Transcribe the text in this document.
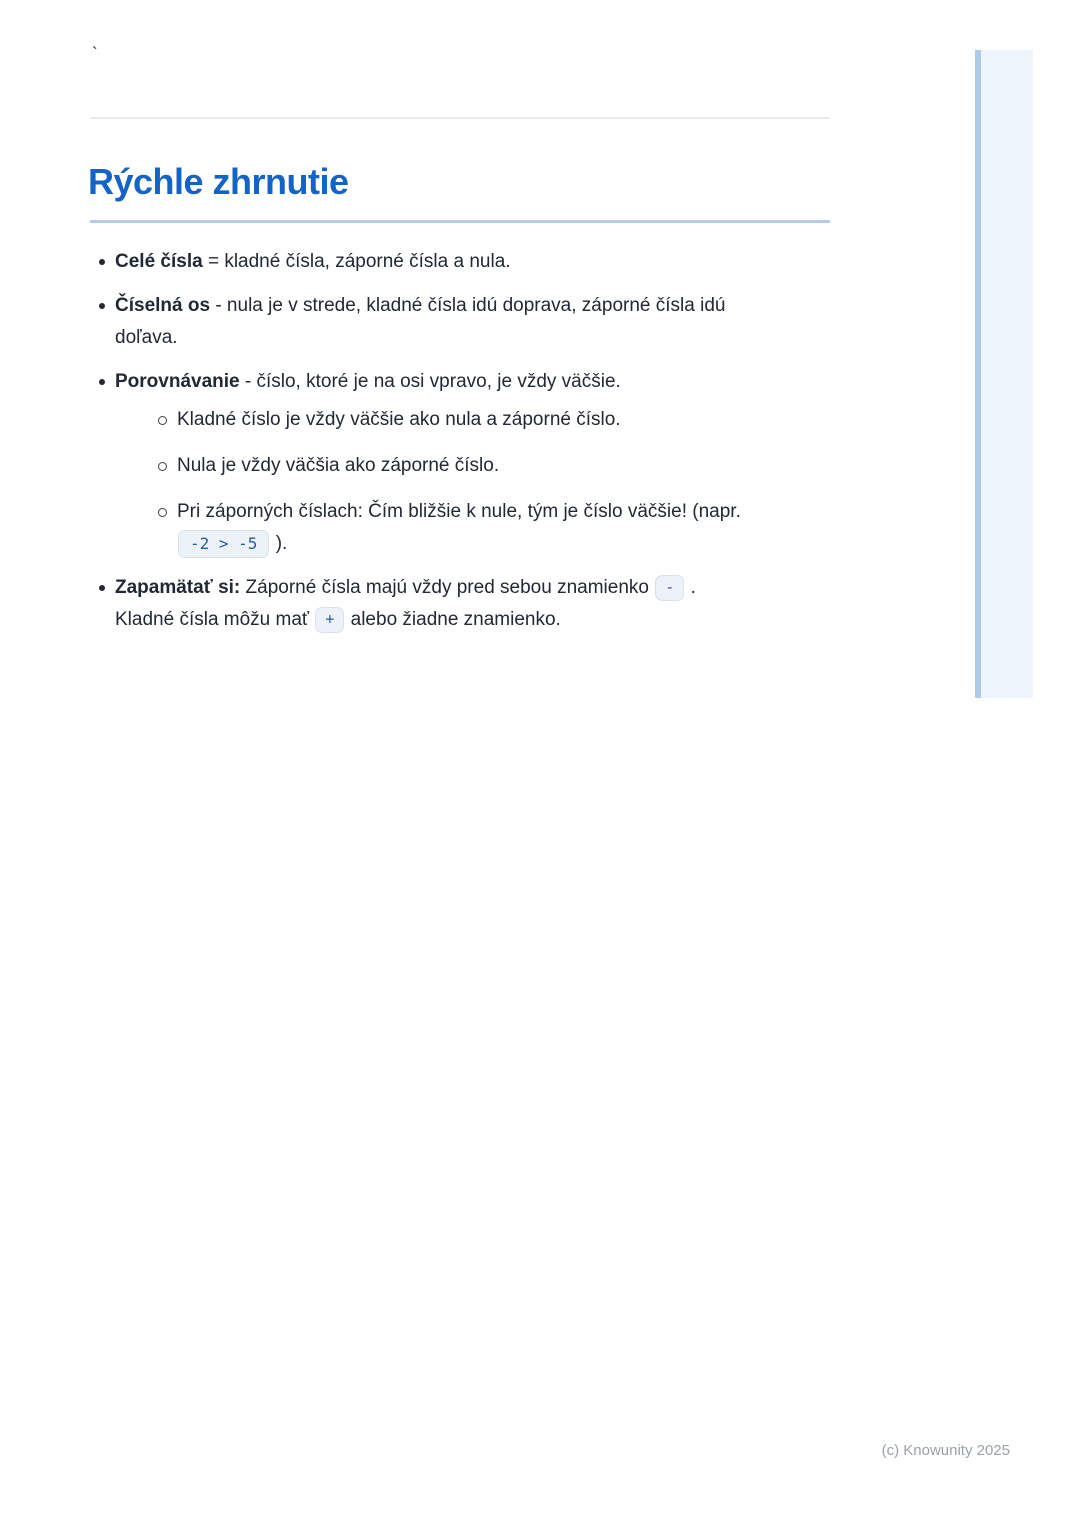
`
Rýchle zhrnutie
Celé čísla = kladné čísla, záporné čísla a nula.
Číselná os - nula je v strede, kladné čísla idú doprava, záporné čísla idú
doľava.
Porovnávanie - číslo, ktoré je na osi vpravo, je vždy väčšie.
Kladné číslo je vždy väčšie ako nula a záporné číslo.
Nula je vždy väčšia ako záporné číslo.
Pri záporných číslach: Čím bližšie k nule, tým je číslo väčšie! (napr.
-2 > -5 ).
Zapamätať si: Záporné čísla majú vždy pred sebou znamienko - .
Kladné čísla môžu mať + alebo žiadne znamienko.
(c) Knowunity 2025
